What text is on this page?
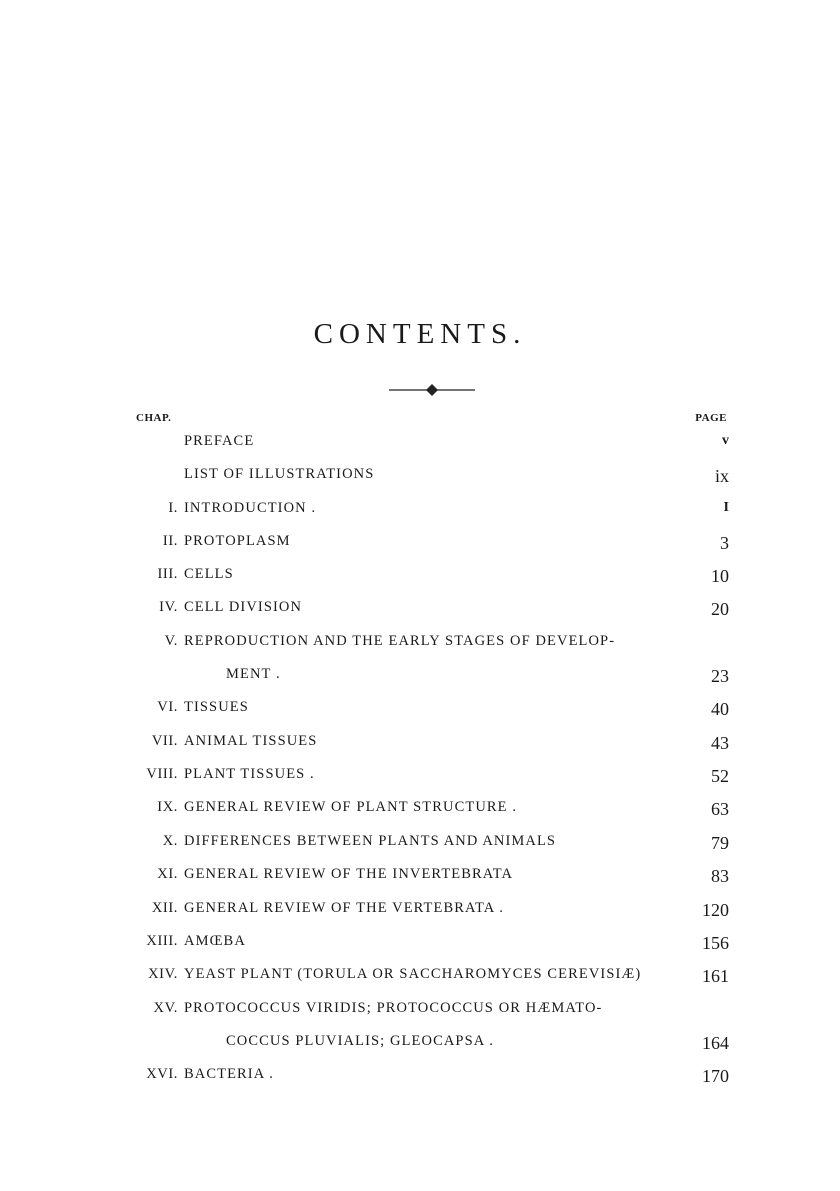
CONTENTS.
CHAP.	PAGE
PREFACE	v
LIST OF ILLUSTRATIONS	ix
I. INTRODUCTION .	I
II. PROTOPLASM	3
III. CELLS	10
IV. CELL DIVISION	20
V. REPRODUCTION AND THE EARLY STAGES OF DEVELOP-
MENT .	23
VI. TISSUES	40
VII. ANIMAL TISSUES	43
VIII. PLANT TISSUES .	52
IX. GENERAL REVIEW OF PLANT STRUCTURE .	63
X. DIFFERENCES BETWEEN PLANTS AND ANIMALS	79
XI. GENERAL REVIEW OF THE INVERTEBRATA	83
XII. GENERAL REVIEW OF THE VERTEBRATA .	120
XIII. AMŒBA	156
XIV. YEAST PLANT (TORULA OR SACCHAROMYCES CEREVISIÆ)	161
XV. PROTOCOCCUS VIRIDIS; PROTOCOCCUS OR HÆMATO-
COCCUS PLUVIALIS; GLEOCAPSA .	164
XVI. BACTERIA .	170
